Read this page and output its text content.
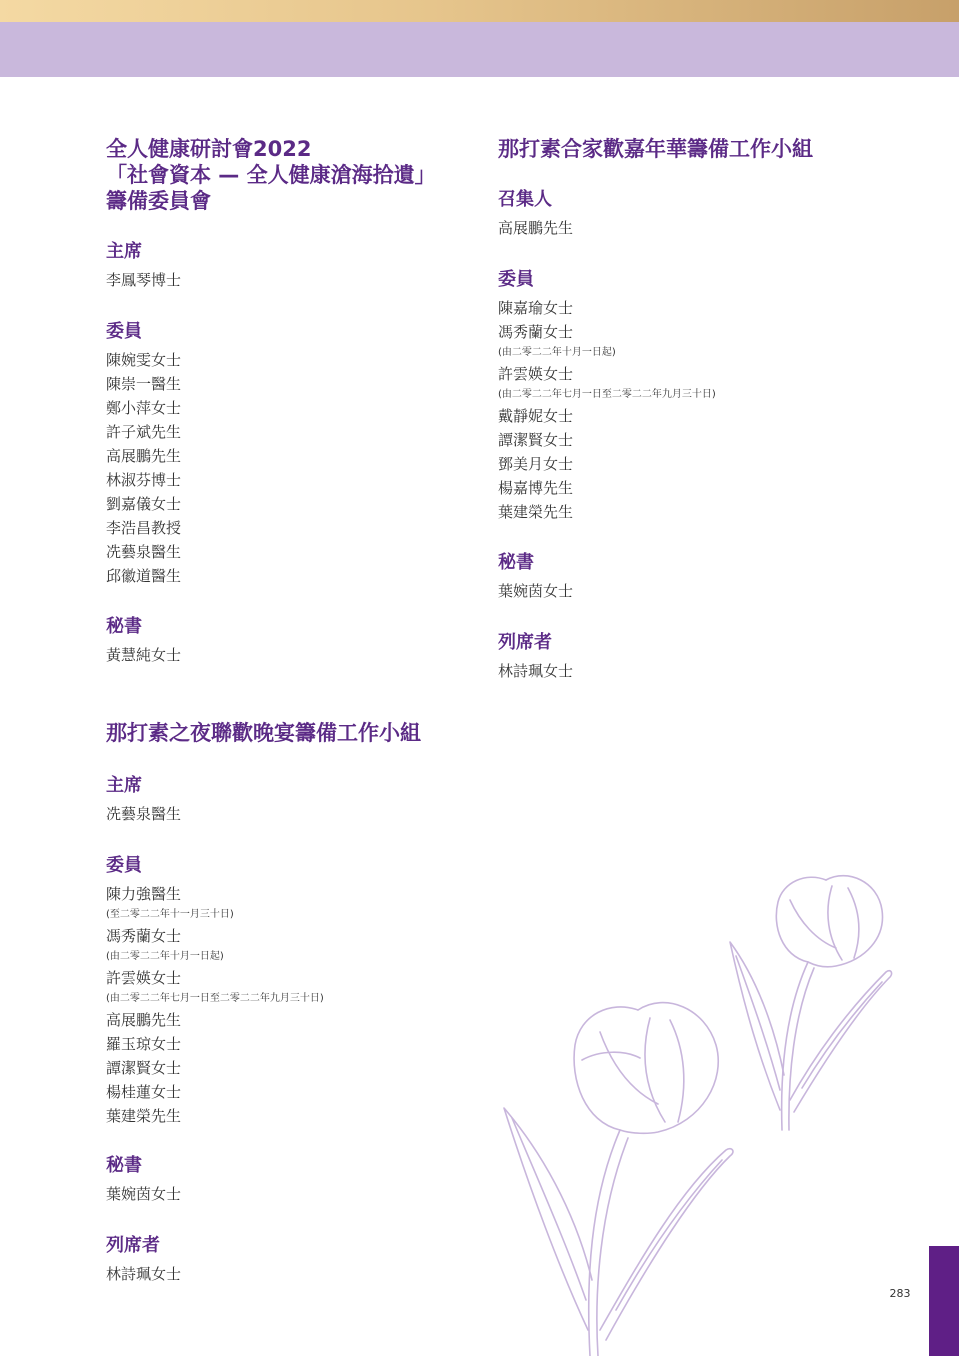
全人健康研討會2022
「社會資本 — 全人健康滄海拾遺」
籌備委員會
主席
李鳳琴博士
委員
陳婉雯女士
陳崇一醫生
鄭小萍女士
許子斌先生
高展鵬先生
林淑芬博士
劉嘉儀女士
李浩昌教授
冼藝泉醫生
邱徽道醫生
秘書
黃慧純女士
那打素之夜聯歡晚宴籌備工作小組
主席
冼藝泉醫生
委員
陳力強醫生
(至二零二二年十一月三十日)
馮秀蘭女士
(由二零二二年十月一日起)
許雲媖女士
(由二零二二年七月一日至二零二二年九月三十日)
高展鵬先生
羅玉琼女士
譚潔賢女士
楊桂蓮女士
葉建榮先生
秘書
葉婉茵女士
列席者
林詩珮女士
那打素合家歡嘉年華籌備工作小組
召集人
高展鵬先生
委員
陳嘉瑜女士
馮秀蘭女士
(由二零二二年十月一日起)
許雲媖女士
(由二零二二年七月一日至二零二二年九月三十日)
戴靜妮女士
譚潔賢女士
鄧美月女士
楊嘉博先生
葉建榮先生
秘書
葉婉茵女士
列席者
林詩珮女士
283
